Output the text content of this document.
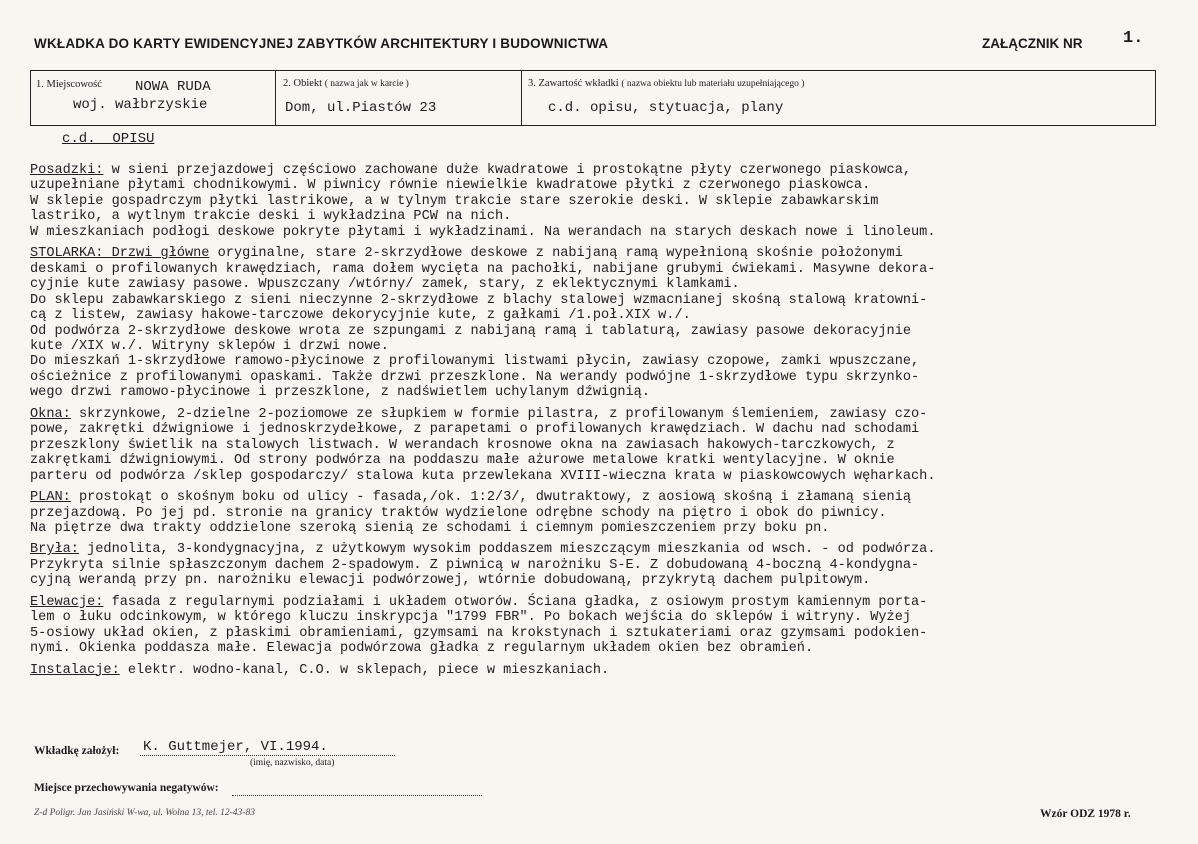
WKŁADKA DO KARTY EWIDENCYJNEJ ZABYTKÓW ARCHITEKTURY I BUDOWNICTWA	ZAŁĄCZNIK NR 1.
1. Miejscowość NOWA RUDA
woj. wałbrzyskie
2. Obiekt ( nazwa jak w karcie )
Dom, ul.Piastów 23
3. Zawartość wkładki ( nazwa obiektu lub materiału uzupełniającego )
c.d. opisu, stytuacja, plany
c.d.  OPISU
Posadzki: w sieni przejazdowej częściowo zachowane duże kwadratowe i prostokątne płyty czerwonego piaskowca,
uzupełniane płytami chodnikowymi. W piwnicy równie niewielkie kwadratowe płytki z czerwonego piaskowca.
W sklepie gospadrczym płytki lastrikowe, a w tylnym trakcie stare szerokie deski. W sklepie zabawkarskim
lastriko, a wytlnym trakcie deski i wykładzina PCW na nich.
W mieszkaniach podłogi deskowe pokryte płytami i wykładzinami. Na werandach na starych deskach nowe i linoleum.
STOLARKA: Drzwi główne oryginalne, stare 2-skrzydłowe deskowe z nabijaną ramą wypełnioną skośnie położonymi
deskami o profilowanych krawędziach, rama dołem wycięta na pachołki, nabijane grubymi ćwiekami. Masywne dekora-
cyjnie kute zawiasy pasowe. Wpuszczany /wtórny/ zamek, stary, z eklektycznymi klamkami.
Do sklepu zabawkarskiego z sieni nieczynne 2-skrzydłowe z blachy stalowej wzmacnianej skośną stalową kratowni-
cą z listew, zawiasy hakowe-tarczowe dekorycyjnie kute, z gałkami /1.poł.XIX w./.
Od podwórza 2-skrzydłowe deskowe wrota ze szpungami z nabijaną ramą i tablaturą, zawiasy pasowe dekoracyjnie
kute /XIX w./. Witryny sklepów i drzwi nowe.
Do mieszkań 1-skrzydłowe ramowo-płycinowe z profilowanymi listwami płycin, zawiasy czopowe, zamki wpuszczane,
ościeżnice z profilowanymi opaskami. Także drzwi przeszklone. Na werandy podwójne 1-skrzydłowe typu skrzynko-
wego drzwi ramowo-płycinowe i przeszklone, z nadświetlem uchylanym dźwignią.
Okna: skrzynkowe, 2-dzielne 2-poziomowe ze słupkiem w formie pilastra, z profilowanym ślemieniem, zawiasy czo-
powe, zakrętki dźwigniowe i jednoskrzydełkowe, z parapetami o profilowanych krawędziach. W dachu nad schodami
przeszklony świetlik na stalowych listwach. W werandach krosnowe okna na zawiasach hakowych-tarczkowych, z
zakrętkami dźwigniowymi. Od strony podwórza na poddaszu małe ażurowe metalowe kratki wentylacyjne. W oknie
parteru od podwórza /sklep gospodarczy/ stalowa kuta przewlekana XVIII-wieczna krata w piaskowcowych węharkach.
PLAN: prostokąt o skośnym boku od ulicy - fasada,/ok. 1:2/3/, dwutraktowy, z aosiową skośną i złamaną sienią
przejazdową. Po jej pd. stronie na granicy traktów wydzielone odrębne schody na piętro i obok do piwnicy.
Na piętrze dwa trakty oddzielone szeroką sienią ze schodami i ciemnym pomieszczeniem przy boku pn.
Bryła: jednolita, 3-kondygnacyjna, z użytkowym wysokim poddaszem mieszczącym mieszkania od wsch. - od podwórza.
Przykryta silnie spłaszczonym dachem 2-spadowym. Z piwnicą w narożniku S-E. Z dobudowaną 4-boczną 4-kondygna-
cyjną werandą przy pn. narożniku elewacji podwórzowej, wtórnie dobudowaną, przykrytą dachem pulpitowym.
Elewacje: fasada z regularnymi podziałami i układem otworów. Ściana gładka, z osiowym prostym kamiennym porta-
lem o łuku odcinkowym, w którego kluczu inskrypcja "1799 FBR". Po bokach wejścia do sklepów i witryny. Wyżej
5-osiowy układ okien, z płaskimi obramieniami, gzymsami na krokstynach i sztukateriami oraz gzymsami podokien-
nymi. Okienka poddasza małe. Elewacja podwórzowa gładka z regularnym układem okien bez obramień.
Instalacje: elektr. wodno-kanal, C.O. w sklepach, piece w mieszkaniach.
Wkładkę założył: K. Guttmejer, VI.1994.
(imię, nazwisko, data)
Miejsce przechowywania negatywów:
Z-d Poligr. Jan Jasiński W-wa, ul. Wolna 13, tel. 12-43-83	Wzór ODZ 1978 r.
